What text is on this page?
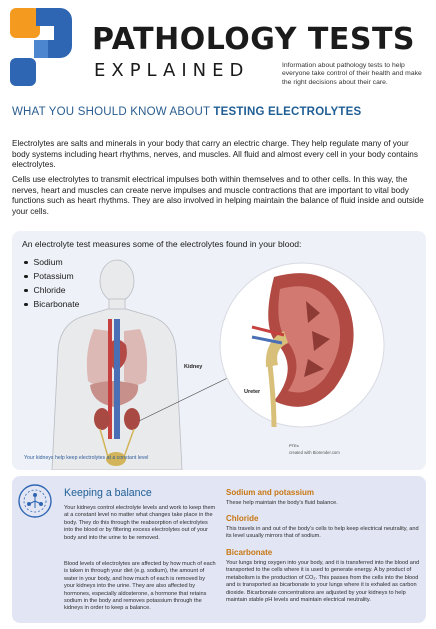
PATHOLOGY TESTS
EXPLAINED	Information about pathology tests to help everyone take control of their health and make the right decisions about their care.
WHAT YOU SHOULD KNOW ABOUT TESTING ELECTROLYTES
Electrolytes are salts and minerals in your body that carry an electric charge. They help regulate many of your body systems including heart rhythms, nerves, and muscles. All fluid and almost every cell in your body contains electrolytes.
Cells use electrolytes to transmit electrical impulses both within themselves and to other cells. In this way, the nerves, heart and muscles can create nerve impulses and muscle contractions that are important to vital body functions such as heart rhythms. They are also involved in helping maintain the balance of fluid inside and outside your cells.
An electrolyte test measures some of the electrolytes found in your blood:
Sodium
Potassium
Chloride
Bicarbonate
Kidney
Ureter
PTEx
created with Biorender.com
Your kidneys help keep electrolytes at a constant level
Keeping a balance
Your kidneys control electrolyte levels and work to keep them at a constant level no matter what changes take place in the body. They do this through the reabsorption of electrolytes into the blood or by filtering excess electrolytes out of your body and into the urine to be removed.
Blood levels of electrolytes are affected by how much of each is taken in through your diet (e.g. sodium), the amount of water in your body, and how much of each is removed by your kidneys into the urine. They are also affected by hormones, especially aldosterone, a hormone that retains sodium in the body and removes potassium through the kidneys in order to keep a balance.
Sodium and potassium
These help maintain the body’s fluid balance.
Chloride
This travels in and out of the body’s cells to help keep electrical neutrality, and its level usually mirrors that of sodium.
Bicarbonate
Your lungs bring oxygen into your body, and it is transferred into the blood and transported to the cells where it is used to generate energy. A by product of metabolism is the production of CO₂. This passes from the cells into the blood and is transported as bicarbonate to your lungs where it is exhaled as carbon dioxide. Bicarbonate concentrations are adjusted by your kidneys to help maintain stable pH levels and maintain electrical neutrality.
